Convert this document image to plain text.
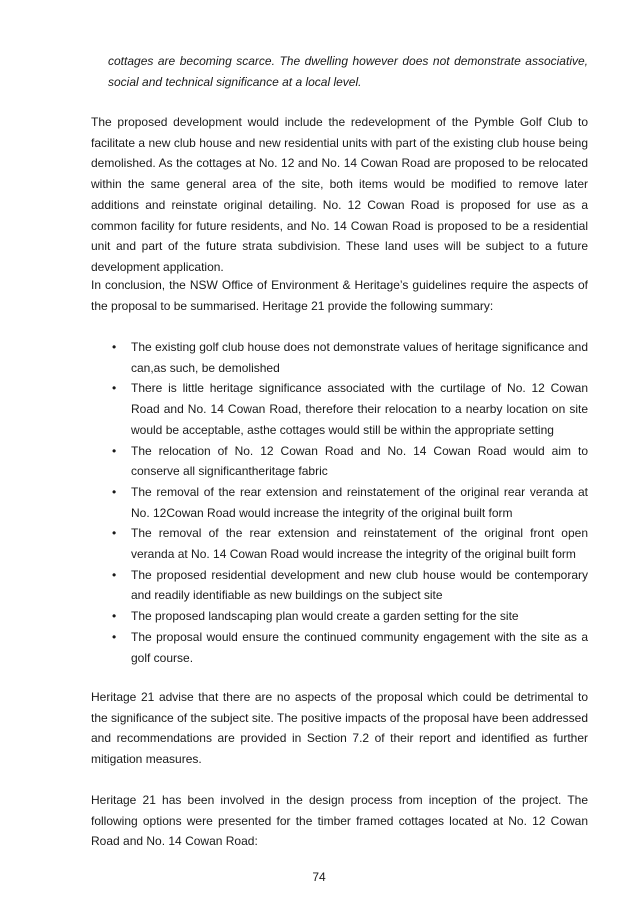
cottages are becoming scarce. The dwelling however does not demonstrate associative, social and technical significance at a local level.

The proposed development would include the redevelopment of the Pymble Golf Club to facilitate a new club house and new residential units with part of the existing club house being demolished. As the cottages at No. 12 and No. 14 Cowan Road are proposed to be relocated within the same general area of the site, both items would be modified to remove later additions and reinstate original detailing. No. 12 Cowan Road is proposed for use as a common facility for future residents, and No. 14 Cowan Road is proposed to be a residential unit and part of the future strata subdivision. These land uses will be subject to a future development application.

In conclusion, the NSW Office of Environment & Heritage’s guidelines require the aspects of the proposal to be summarised. Heritage 21 provide the following summary:

• The existing golf club house does not demonstrate values of heritage significance and can,as such, be demolished
• There is little heritage significance associated with the curtilage of No. 12 Cowan Road and No. 14 Cowan Road, therefore their relocation to a nearby location on site would be acceptable, asthe cottages would still be within the appropriate setting
• The relocation of No. 12 Cowan Road and No. 14 Cowan Road would aim to conserve all significantheritage fabric
• The removal of the rear extension and reinstatement of the original rear veranda at No. 12Cowan Road would increase the integrity of the original built form
• The removal of the rear extension and reinstatement of the original front open veranda at No. 14 Cowan Road would increase the integrity of the original built form
• The proposed residential development and new club house would be contemporary and readily identifiable as new buildings on the subject site
• The proposed landscaping plan would create a garden setting for the site
• The proposal would ensure the continued community engagement with the site as a golf course.

Heritage 21 advise that there are no aspects of the proposal which could be detrimental to the significance of the subject site. The positive impacts of the proposal have been addressed and recommendations are provided in Section 7.2 of their report and identified as further mitigation measures.

Heritage 21 has been involved in the design process from inception of the project. The following options were presented for the timber framed cottages located at No. 12 Cowan Road and No. 14 Cowan Road:

74
